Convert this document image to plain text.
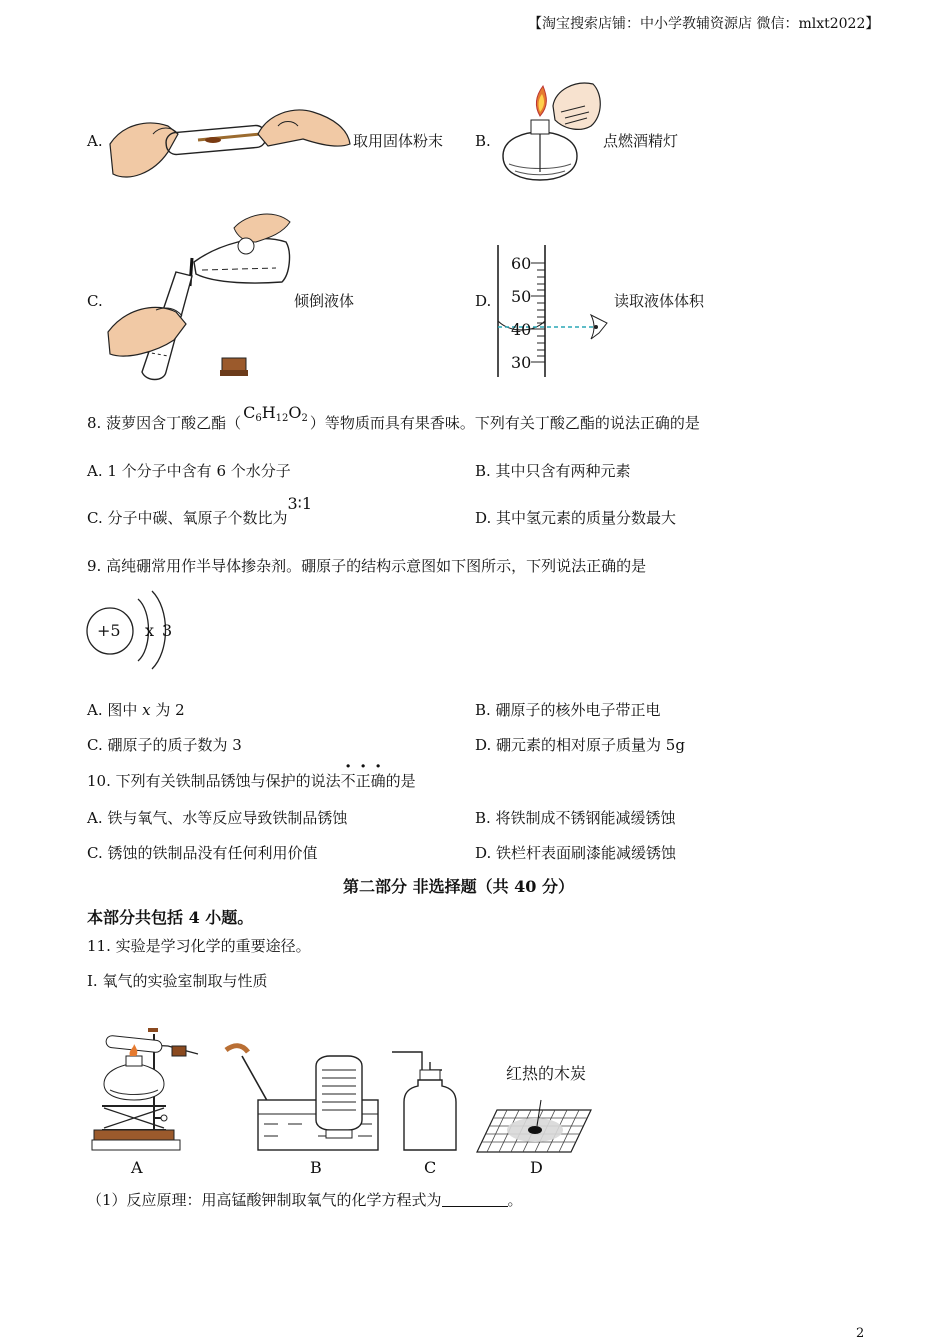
【淘宝搜索店铺：中小学教辅资源店 微信：mlxt2022】
A.	取用固体粉末 B.	点燃酒精灯
C.	倾倒液体	D.
60
50
40
30
读取液体体积
8. 菠萝因含丁酸乙酯（$C_6H_{12}O_2$ ）等物质而具有果香味。下列有关丁酸乙酯的说法正确的是
A. 1 个分子中含有 6 个水分子	B. 其中只含有两种元素
C. 分子中碳、氧原子个数比为3∶1
D. 其中氢元素的质量分数最大
9. 高纯硼常用作半导体掺杂剂。硼原子的结构示意图如下图所示，下列说法正确的是
+5 x 3
A. 图中 x 为 2	B. 硼原子的核外电子带正电
C. 硼原子的质子数为 3	D. 硼元素的相对原子质量为 5g
10. 下列有关铁制品锈蚀与保护的说法不正确的是
A. 铁与氧气、水等反应导致铁制品锈蚀	B. 将铁制成不锈钢能减缓锈蚀
C. 锈蚀的铁制品没有任何利用价值	D. 铁栏杆表面刷漆能减缓锈蚀
第二部分 非选择题（共 40 分）
本部分共包括 4 小题。
11. 实验是学习化学的重要途径。
I. 氧气的实验室制取与性质
红热的木炭
A	B	C	D
（1）反应原理：用高锰酸钾制取氧气的化学方程式为	。
2
